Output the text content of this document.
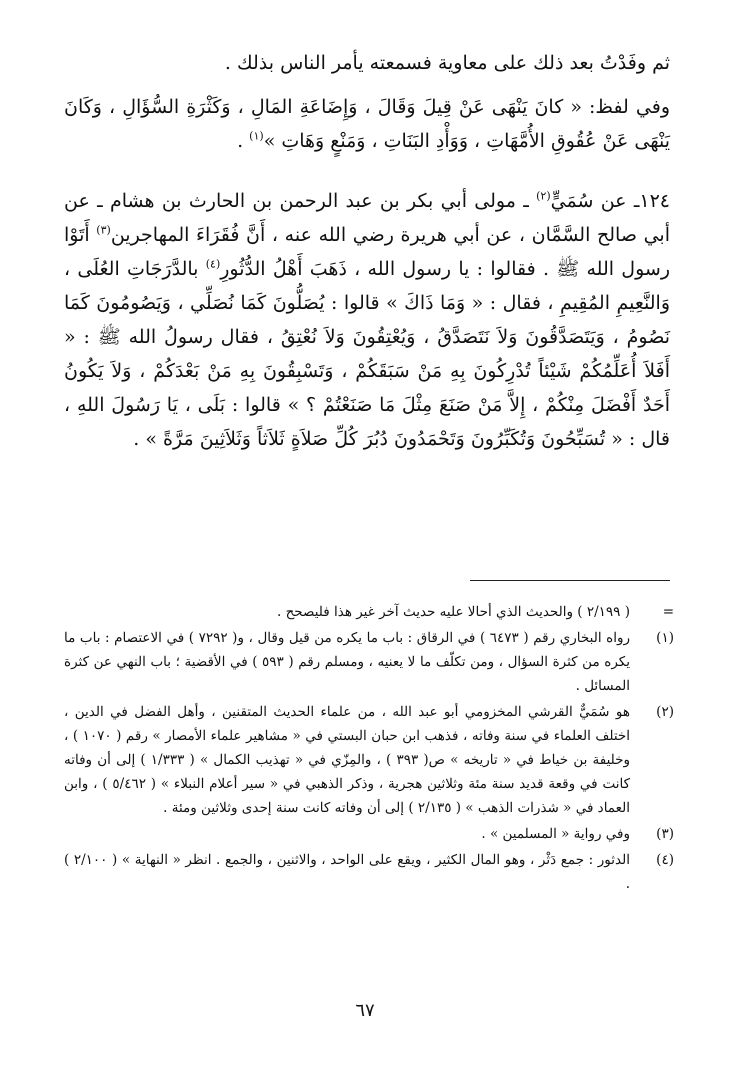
ثم وفَدْتُ بعد ذلك على معاوية فسمعته يأمر الناس بذلك .

وفي لفظ: « كانَ يَنْهَى عَنْ قِيلَ وَقَالَ ، وَإِضَاعَةِ المَالِ ، وَكَثْرَةِ السُّؤَالِ ، وَكَانَ يَنْهَى عَنْ عُقُوقِ الأُمَّهَاتِ ، وَوَأْدِ البَنَاتِ ، وَمَنْعٍ وَهَاتِ »$^{(١)}$ .

١٢٤ـ عن سُمَيٍّ$^{(٢)}$ ـ مولى أبي بكر بن عبد الرحمن بن الحارث بن هشام ـ عن أبي صالح السَّمَّان ، عن أبي هريرة رضي الله عنه ، أَنَّ فُقَرَاءَ المهاجرين$^{(٣)}$ أَتَوْا رسول الله ﷺ . فقالوا : يا رسول الله ، ذَهَبَ أَهْلُ الدُّثُورِ$^{(٤)}$ بالدَّرَجَاتِ العُلَى ، وَالنَّعِيمِ المُقِيمِ ، فقال : « وَمَا ذَاكَ » قالوا : يُصَلُّونَ كَمَا نُصَلِّي ، وَيَصُومُونَ كَمَا نَصُومُ ، وَيَتَصَدَّقُونَ وَلاَ نَتَصَدَّقُ ، وَيُعْتِقُونَ وَلاَ نُعْتِقُ ، فقال رسولُ الله ﷺ : « أَفَلاَ أُعَلِّمُكُمْ شَيْئاً تُدْرِكُونَ بِهِ مَنْ سَبَقَكُمْ ، وَتَسْبِقُونَ بِهِ مَنْ بَعْدَكُمْ ، وَلاَ يَكُونُ أَحَدٌ أَفْضَلَ مِنْكُمْ ، إِلاَّ مَنْ صَنَعَ مِثْلَ مَا صَنَعْتُمْ ؟ » قالوا : بَلَى ، يَا رَسُولَ اللهِ ، قال : « تُسَبِّحُونَ وَتُكَبِّرُونَ وَتَحْمَدُونَ دُبُرَ كُلِّ صَلاَةٍ ثَلاَثاً وَثَلاَثِينَ مَرَّةً » .

=
( ٢/١٩٩ ) والحديث الذي أحالا عليه حديث آخر غير هذا فليصحح .
(١)
رواه البخاري رقم ( ٦٤٧٣ ) في الرقاق : باب ما يكره من قيل وقال ، و( ٧٢٩٢ ) في الاعتصام : باب ما يكره من كثرة السؤال ، ومن تكلّف ما لا يعنيه ، ومسلم رقم ( ٥٩٣ ) في الأقضية ؛ باب النهي عن كثرة المسائل .
(٢)
هو سُمَيٌّ القرشي المخزومي أبو عبد الله ، من علماء الحديث المتقنين ، وأهل الفضل في الدين ، اختلف العلماء في سنة وفاته ، فذهب ابن حبان البستي في « مشاهير علماء الأمصار » رقم ( ١٠٧٠ ) ، وخليفة بن خياط في « تاريخه » ص( ٣٩٣ ) ، والمِزّي في « تهذيب الكمال » ( ١/٣٣٣ ) إلى أن وفاته كانت في وقعة قديد سنة مئة وثلاثين هجرية ، وذكر الذهبي في « سير أعلام النبلاء » ( ٥/٤٦٢ ) ، وابن العماد في « شذرات الذهب » ( ٢/١٣٥ ) إلى أن وفاته كانت سنة إحدى وثلاثين ومئة .
(٣)
وفي رواية « المسلمين » .
(٤)
الدثور : جمع دَثْر ، وهو المال الكثير ، ويقع على الواحد ، والاثنين ، والجمع . انظر « النهاية » ( ٢/١٠٠ ) .
٦٧
